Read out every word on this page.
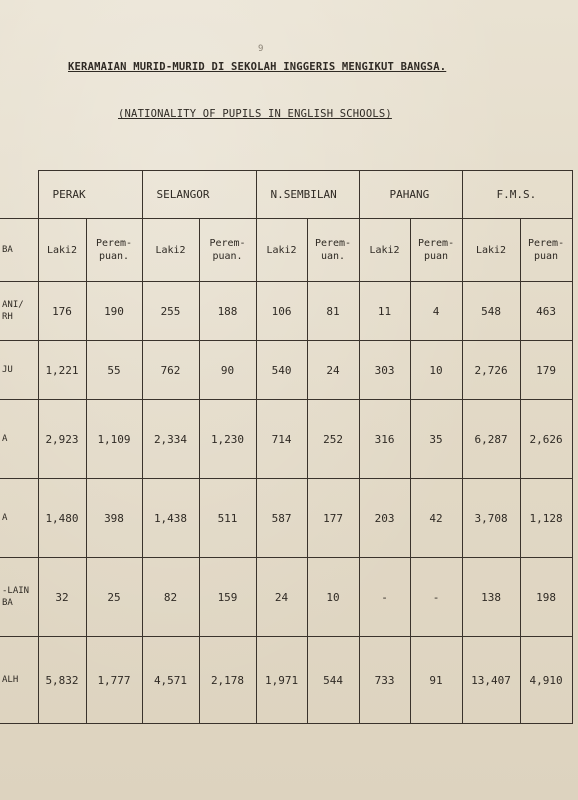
9
KERAMAIAN MURID-MURID DI SEKOLAH INGGERIS MENGIKUT BANGSA.
(NATIONALITY OF PUPILS IN ENGLISH SCHOOLS)
	PERAK		SELANGOR		N.SEMBILAN		PAHANG		F.M.S.	
BA	Laki2	Perem-puan.	Laki2	Perem-puan.	Laki2	Perem-uan.	Laki2	Perem-puan	Laki2	Perem-puan
ANI/ RH	176	190	255	188	106	81	11	4	548	463
JU	1,221	55	762	90	540	24	303	10	2,726	179
A	2,923	1,109	2,334	1,230	714	252	316	35	6,287	2,626
A	1,480	398	1,438	511	587	177	203	42	3,708	1,128
-LAIN BA	32	25	82	159	24	10	-	-	138	198
ALH	5,832	1,777	4,571	2,178	1,971	544	733	91	13,407	4,910
